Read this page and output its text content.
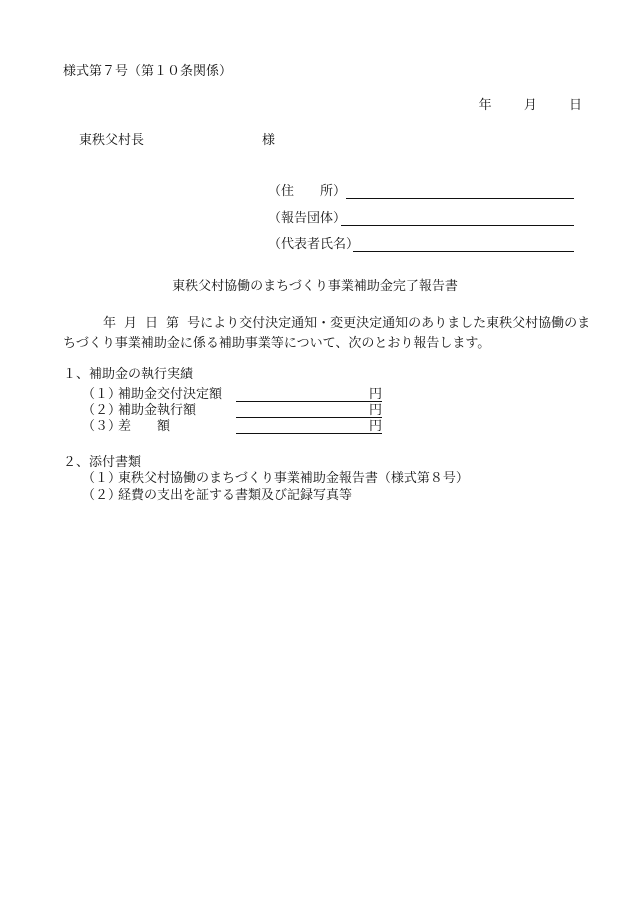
様式第７号（第１０条関係）
年 月 日
東秩父村長	様
（住　　所）
（報告団体）
（代表者氏名）
東秩父村協働のまちづくり事業補助金完了報告書
年 月 日 第 号により交付決定通知・変更決定通知のありました東秩父村協働のまちづくり事業補助金に係る補助事業等について、次のとおり報告します。
１、補助金の執行実績
（１）
補助金交付決定額	円
（２）
補助金執行額	円
（３）
差　　額	円
２、添付書類
（１）
東秩父村協働のまちづくり事業補助金報告書（様式第８号）
（２）
経費の支出を証する書類及び記録写真等
